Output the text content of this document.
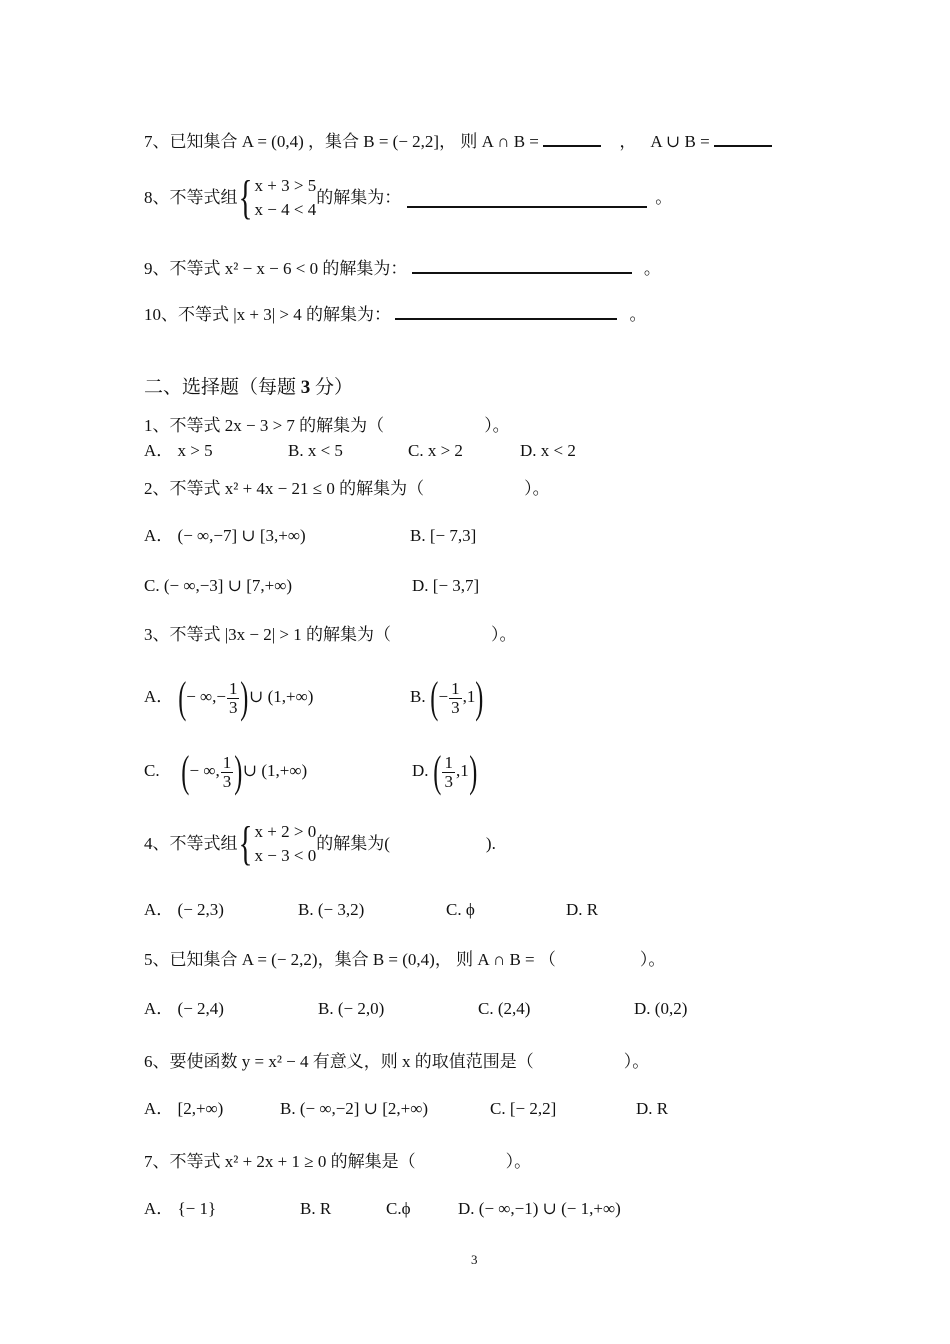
7、已知集合 A = (0,4) ，集合 B = (− 2,2]， 则 A ∩ B =	， A ∪ B =
8、不等式组 { x + 3 > 5
x − 4 < 4
的解集为：	。
9、不等式 x² − x − 6 < 0 的解集为：	。
10、不等式 |x + 3| > 4 的解集为：	。
二、选择题（每题 3 分）
1、不等式 2x − 3 > 7 的解集为（	）。
A． x > 5	B. x < 5	C. x > 2	D. x < 2
2、不等式 x² + 4x − 21 ≤ 0 的解集为（	）。
A． (− ∞,−7] ∪ [3,+∞)	B. [− 7,3]
C. (− ∞,−3] ∪ [7,+∞)	D. [− 3,7]
3、不等式 |3x − 2| > 1 的解集为（	）。
A． (− ∞,− $\frac{1}{3}$ )∪ (1,+∞)	B. (− $\frac{1}{3} ,1$)
C. (− ∞, $\frac{1}{3}$ )∪ (1,+∞)	D. ( $\frac{1}{3} ,1$)
4、不等式组 { x + 2 > 0
x − 3 < 0
的解集为(	).
A． (− 2,3)	B. (− 3,2)	C. ϕ	D. R
5、已知集合 A = (− 2,2)，集合 B = (0,4)， 则 A ∩ B = （	）。
A． (− 2,4)	B. (− 2,0)	C. (2,4)	D. (0,2)
6、要使函数 y = x² − 4 有意义，则 x 的取值范围是（	）。
A． [2,+∞)	B. (− ∞,−2] ∪ [2,+∞)	C. [− 2,2]	D. R
7、不等式 x² + 2x + 1 ≥ 0 的解集是（	）。
A． {− 1}	B. R	C.ϕ	D. (− ∞,−1) ∪ (− 1,+∞)
3
